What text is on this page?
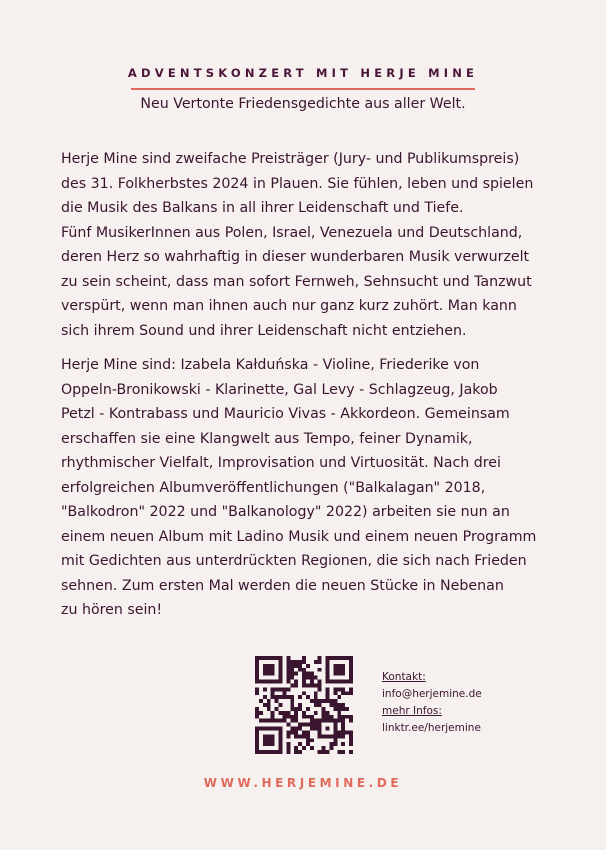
ADVENTSKONZERT MIT HERJE MINE
Neu Vertonte Friedensgedichte aus aller Welt.

Herje Mine sind zweifache Preisträger (Jury- und Publikumspreis)
des 31. Folkherbstes 2024 in Plauen. Sie fühlen, leben und spielen
die Musik des Balkans in all ihrer Leidenschaft und Tiefe.
Fünf MusikerInnen aus Polen, Israel, Venezuela und Deutschland,
deren Herz so wahrhaftig in dieser wunderbaren Musik verwurzelt
zu sein scheint, dass man sofort Fernweh, Sehnsucht und Tanzwut
verspürt, wenn man ihnen auch nur ganz kurz zuhört. Man kann
sich ihrem Sound und ihrer Leidenschaft nicht entziehen.

Herje Mine sind: Izabela Kałduńska - Violine, Friederike von
Oppeln-Bronikowski - Klarinette, Gal Levy - Schlagzeug, Jakob
Petzl - Kontrabass und Mauricio Vivas - Akkordeon. Gemeinsam
erschaffen sie eine Klangwelt aus Tempo, feiner Dynamik,
rhythmischer Vielfalt, Improvisation und Virtuosität. Nach drei
erfolgreichen Albumveröffentlichungen ("Balkalagan" 2018,
"Balkodron" 2022 und "Balkanology" 2022) arbeiten sie nun an
einem neuen Album mit Ladino Musik und einem neuen Programm
mit Gedichten aus unterdrückten Regionen, die sich nach Frieden
sehnen. Zum ersten Mal werden die neuen Stücke in Nebenan
zu hören sein!

Kontakt:
info@herjemine.de
mehr Infos:
linktr.ee/herjemine
WWW.HERJEMINE.DE
